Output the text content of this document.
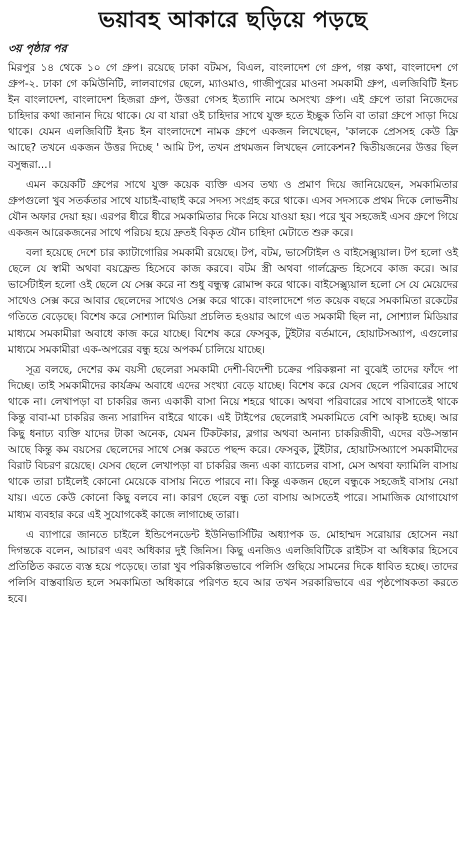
ভয়াবহ আকারে ছড়িয়ে পড়ছে
৩য় পৃষ্ঠার পর

মিরপুর ১৪ থেকে ১০ গে গ্রুপ। রয়েছে ঢাকা বটমস, বিএল, বাংলাদেশ গে গ্রুপ, গল্প কথা, বাংলাদেশ গে গ্রুপ-২. ঢাকা গে কমিউনিটি, লালবাগের ছেলে, ম্যাওমাও, গাজীপুরের মাওনা সমকামী গ্রুপ, এলজিবিটি ইনচ ইন বাংলাদেশ, বাংলাদেশ হিজরা গ্রুপ, উত্তরা গেসহ ইত্যাদি নামে অসংখ্য গ্রুপ। এই গ্রুপে তারা নিজেদের চাহিদার কথা জানান দিয়ে থাকে। যে বা যারা ওই চাহিদার সাথে যুক্ত হতে ইচ্ছুক তিনি বা তারা গ্রুপে সাড়া দিয়ে থাকে। যেমন এলজিবিটি ইনচ ইন বাংলাদেশে নামক গ্রুপে একজন লিখেছেন, 'কালকে প্রেসসহ কেউ ফ্রি আছে? তখনে একজন উত্তর দিচ্ছে ' আমি টপ, তখন প্রথমজন লিখছেন লোকেশন? দ্বিতীয়জনের উত্তর ছিল বসুন্ধরা...।

এমন কয়েকটি গ্রুপের সাথে যুক্ত কয়েক ব্যক্তি এসব তথ্য ও প্রমাণ দিয়ে জানিয়েছেন, সমকামিতার গ্রুপগুলো খুব সতর্কতার সাথে যাচাই-বাছাই করে সদস্য সংগ্রহ করে থাকে। এসব সদস্যকে প্রথম দিকে লোভনীয় যৌন অফার দেয়া হয়। এরপর ধীরে ধীরে সমকামিতার দিকে নিয়ে যাওয়া হয়। পরে খুব সহজেই এসব গ্রুপে গিয়ে একজন আরেকজনের সাথে পরিচয় হয়ে দ্রুতই বিকৃত যৌন চাহিদা মেটাতে শুরু করে।

বলা হয়েছে দেশে চার ক্যাটাগোরির সমকামী রয়েছে। টপ, বটম, ভার্সেটাইল ও বাইসেক্স্যুয়াল। টপ হলো ওই ছেলে যে স্বামী অথবা বয়ফ্রেন্ড হিসেবে কাজ করবে। বটম স্ত্রী অথবা গার্লফ্রেন্ড হিসেবে কাজ করে। আর ভার্সেটাইল হলো ওই ছেলে যে সেক্স করে না শুধু বন্ধুত্ব রোমান্স করে থাকে। বাইসেক্স্যুয়াল হলো সে যে মেয়েদের সাথেও সেক্স করে আবার ছেলেদের সাথেও সেক্স করে থাকে। বাংলাদেশে গত কয়েক বছরে সমকামিতা রকেটের গতিতে বেড়েছে। বিশেষ করে সোশ্যাল মিডিয়া প্রচলিত হওয়ার আগে এত সমকামী ছিল না, সোশ্যাল মিডিয়ার মাধ্যমে সমকামীরা অবাধে কাজ করে যাচ্ছে। বিশেষ করে ফেসবুক, টুইটার বর্তমানে, হোয়াটসঅ্যাপ, এগুলোর মাধ্যমে সমকামীরা এক-অপরের বন্ধু হয়ে অপকর্ম চালিয়ে যাচ্ছে।

সূত্র বলছে, দেশের কম বয়সী ছেলেরা সমকামী দেশী-বিদেশী চক্রের পরিকল্পনা না বুঝেই তাদের ফাঁদে পা দিচ্ছে। তাই সমকামীদের কার্যক্রম অবাধে এদের সংখ্যা বেড়ে যাচ্ছে। বিশেষ করে যেসব ছেলে পরিবারের সাথে থাকে না। লেখাপড়া বা চাকরির জন্য একাকী বাসা নিয়ে শহরে থাকে। অথবা পরিবারের সাথে বাসাতেই থাকে কিন্তু বাবা-মা চাকরির জন্য সারাদিন বাইরে থাকে। এই টাইপের ছেলেরাই সমকামিতে বেশি আকৃষ্ট হচ্ছে। আর কিছু ধনাঢ্য ব্যক্তি যাদের টাকা অনেক, যেমন টিকটকার, ব্লগার অথবা অনান্য চাকরিজীবী, এদের বউ-সন্তান আছে কিন্তু কম বয়সের ছেলেদের সাথে সেক্স করতে পছন্দ করে। ফেসবুক, টুইটার, হোয়াটসঅ্যাপে সমকামীদের বিরাট বিচরণ রয়েছে। যেসব ছেলে লেখাপড়া বা চাকরির জন্য একা ব্যাচেলর বাসা, মেস অথবা ফ্যামিলি বাসায় থাকে তারা চাইলেই কোনো মেয়েকে বাসায় নিতে পারবে না। কিন্তু একজন ছেলে বন্ধুকে সহজেই বাসায় নেয়া যায়। এতে কেউ কোনো কিছু বলবে না। কারণ ছেলে বন্ধু তো বাসায় আসতেই পারে। সামাজিক যোগাযোগ মাধ্যম ব্যবহার করে এই সুযোগকেই কাজে লাগাচ্ছে তারা।

এ ব্যাপারে জানতে চাইলে ইন্ডিপেনডেন্ট ইউনিভার্সিটির অধ্যাপক ড. মোহাম্মদ সরোয়ার হোসেন নয়া দিগন্তকে বলেন, আচারণ এবং অধিকার দুই জিনিস। কিছু এনজিও এলজিবিটিকে রাইটস বা অধিকার হিসেবে প্রতিষ্ঠিত করতে ব্যস্ত হয়ে পড়েছে। তারা খুব পরিকল্পিতভাবে পলিসি গুছিয়ে সামনের দিকে ধাবিত হচ্ছে। তাদের পলিসি বাস্তবায়িত হলে সমকামিতা অধিকারে পরিণত হবে আর তখন সরকারিভাবে এর পৃষ্ঠপোষকতা করতে হবে।
